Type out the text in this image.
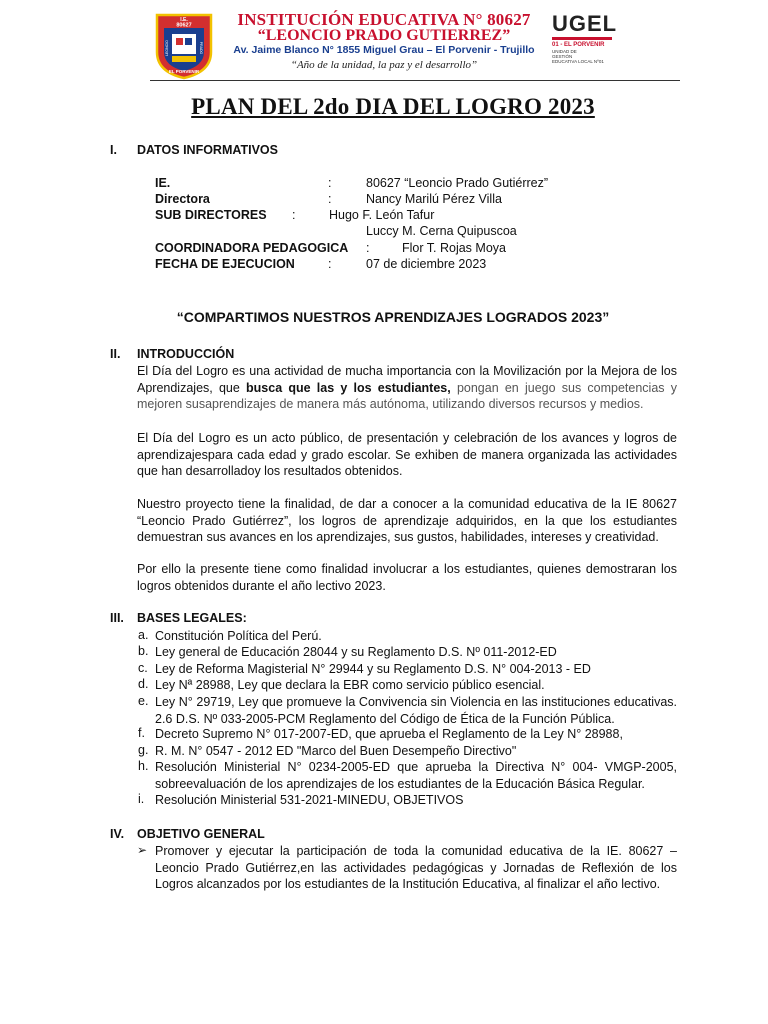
I.E.
80627
EL PORVENIR
LEONCIO	PRADO
INSTITUCIÓN EDUCATIVA N° 80627
“LEONCIO PRADO GUTIERREZ”
Av. Jaime Blanco N° 1855 Miguel Grau – El Porvenir - Trujillo
“Año de la unidad, la paz y el desarrollo”
UGEL
01 - EL PORVENIR
UNIDAD DE
GESTIÓN
EDUCATIVA LOCAL Nº01
PLAN DEL 2do DIA DEL LOGRO 2023
I. DATOS INFORMATIVOS
IE.	:	80627 “Leoncio Prado Gutiérrez”
Directora	:	Nancy Marilú Pérez Villa
SUB DIRECTORES :	Hugo F. León Tafur
Luccy M. Cerna Quipuscoa
COORDINADORA PEDAGOGICA :	Flor T. Rojas Moya
FECHA DE EJECUCION	:	07 de diciembre 2023
“COMPARTIMOS NUESTROS APRENDIZAJES LOGRADOS 2023”
II. INTRODUCCIÓN
El Día del Logro es una actividad de mucha importancia con la Movilización por la Mejora de los Aprendizajes, que busca que las y los estudiantes, pongan en juego sus competencias y mejoren susaprendizajes de manera más autónoma, utilizando diversos recursos y medios.
El Día del Logro es un acto público, de presentación y celebración de los avances y logros de aprendizajespara cada edad y grado escolar. Se exhiben de manera organizada las actividades que han desarrolladoy los resultados obtenidos.
Nuestro proyecto tiene la finalidad, de dar a conocer a la comunidad educativa de la IE 80627 “Leoncio Prado Gutiérrez”, los logros de aprendizaje adquiridos, en la que los estudiantes demuestran sus avances en los aprendizajes, sus gustos, habilidades, intereses y creatividad.
Por ello la presente tiene como finalidad involucrar a los estudiantes, quienes demostraran los logros obtenidos durante el año lectivo 2023.
III. BASES LEGALES:
a. Constitución Política del Perú.
b. Ley general de Educación 28044 y su Reglamento D.S. Nº 011-2012-ED
c. Ley de Reforma Magisterial N° 29944 y su Reglamento D.S. N° 004-2013 - ED
d. Ley Nª 28988, Ley que declara la EBR como servicio público esencial.
e. Ley N° 29719, Ley que promueve la Convivencia sin Violencia en las instituciones educativas. 2.6 D.S. Nº 033-2005-PCM Reglamento del Código de Ética de la Función Pública.
f. Decreto Supremo N° 017-2007-ED, que aprueba el Reglamento de la Ley N° 28988,
g. R. M. N° 0547 - 2012 ED "Marco del Buen Desempeño Directivo"
h. Resolución Ministerial N° 0234-2005-ED que aprueba la Directiva N° 004- VMGP-2005, sobreevaluación de los aprendizajes de los estudiantes de la Educación Básica Regular.
i. Resolución Ministerial 531-2021-MINEDU, OBJETIVOS
IV. OBJETIVO GENERAL
➢ Promover y ejecutar la participación de toda la comunidad educativa de la IE. 80627 – Leoncio Prado Gutiérrez,en las actividades pedagógicas y Jornadas de Reflexión de los Logros alcanzados por los estudiantes de la Institución Educativa, al finalizar el año lectivo.
